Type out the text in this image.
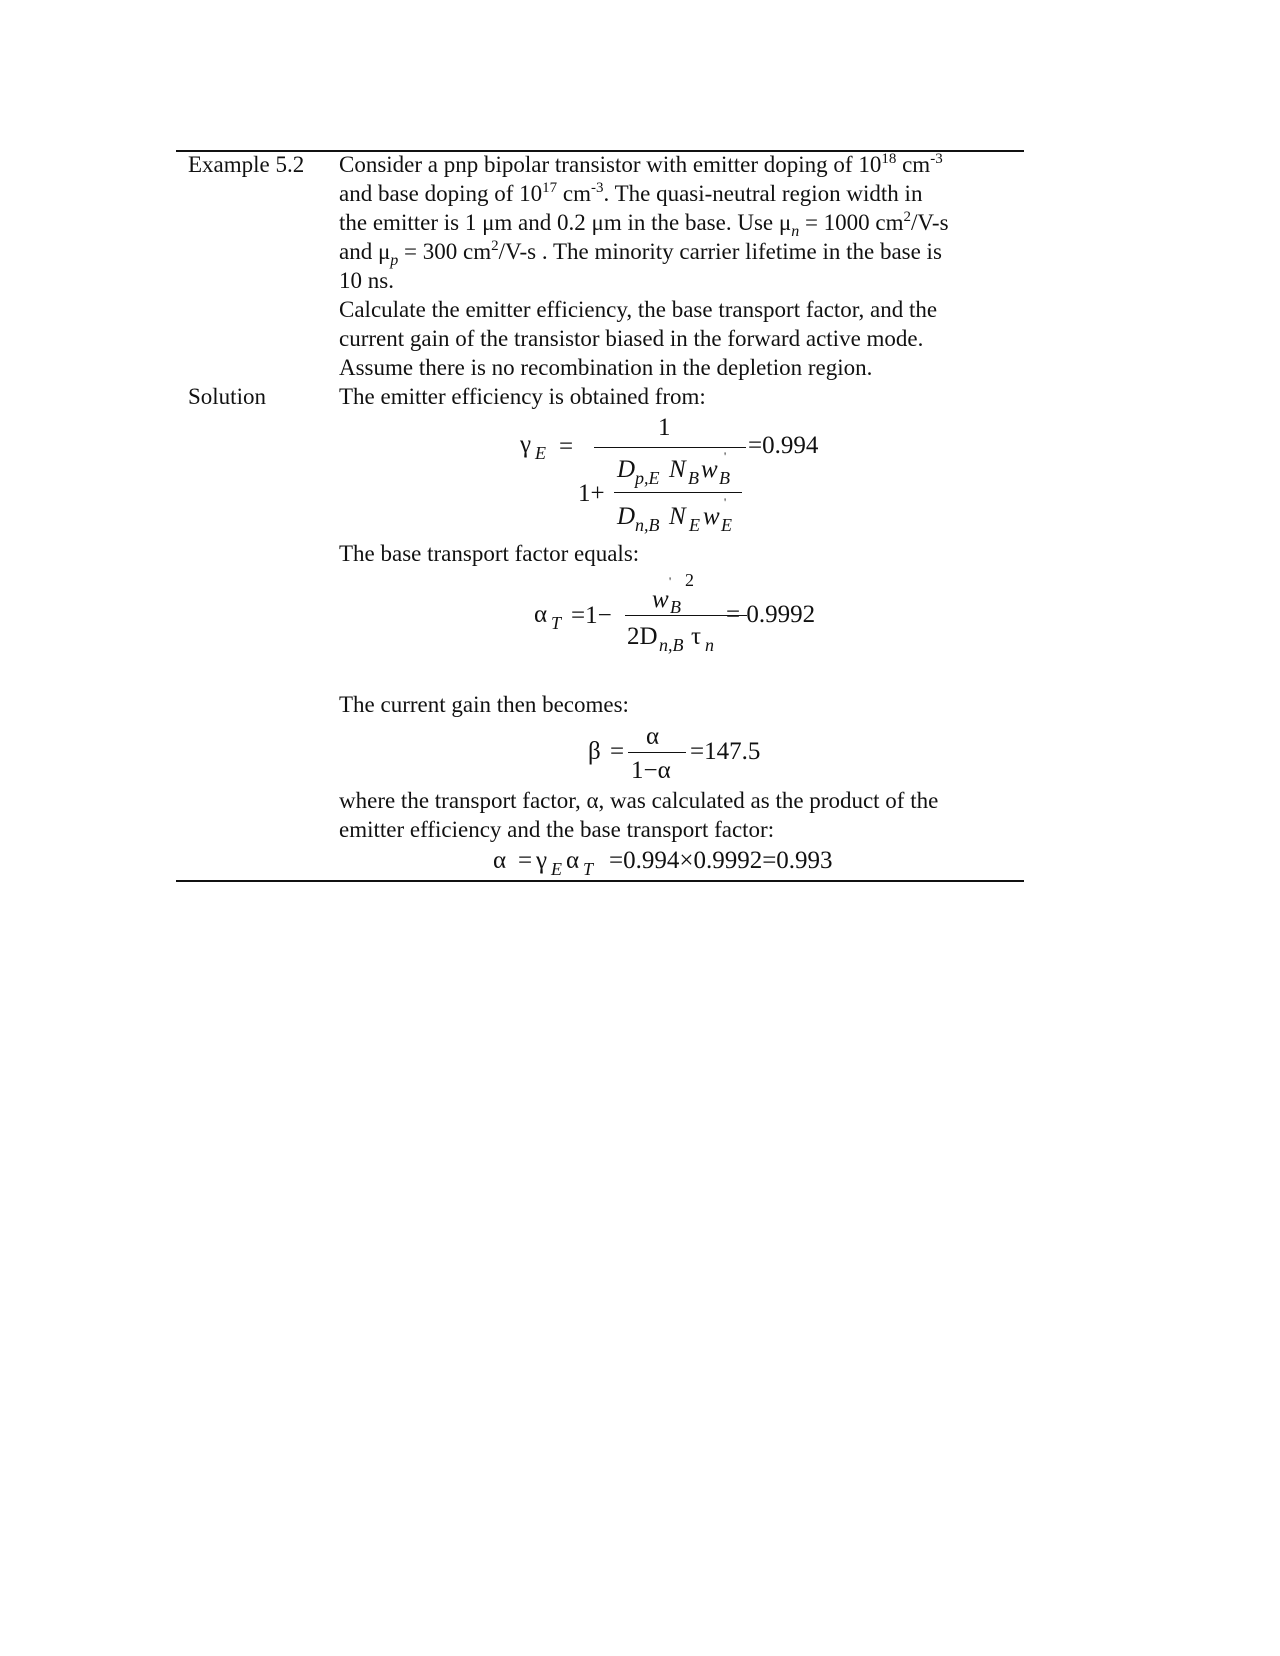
Example 5.2
Solution

Consider a pnp bipolar transistor with emitter doping of $10^{18}$ $cm^{-3}$

and base doping of $10^{17}$ $cm^{-3}$. The quasi-neutral region width in

the emitter is 1 μm and 0.2 μm in the base. Use $\mu_n = 1000$ $cm^2/V-s$

and $\mu_p = 300$ $cm^2/V-s$ . The minority carrier lifetime in the base is

10 ns.

Calculate the emitter efficiency, the base transport factor, and the

current gain of the transistor biased in the forward active mode.

Assume there is no recombination in the depletion region.

The emitter efficiency is obtained from:

γ E =
1
=0.994
1+
D p,E N B w B
'
D n,B N E w E
'
The base transport factor equals:
α T =1−
' 2
w B
2D n,B τ n
= 0.9992
The current gain then becomes:
β =
α
1−α
=147.5

where the transport factor, α, was calculated as the product of the

emitter efficiency and the base transport factor:

α = γ E α T =0.994×0.9992=0.993
